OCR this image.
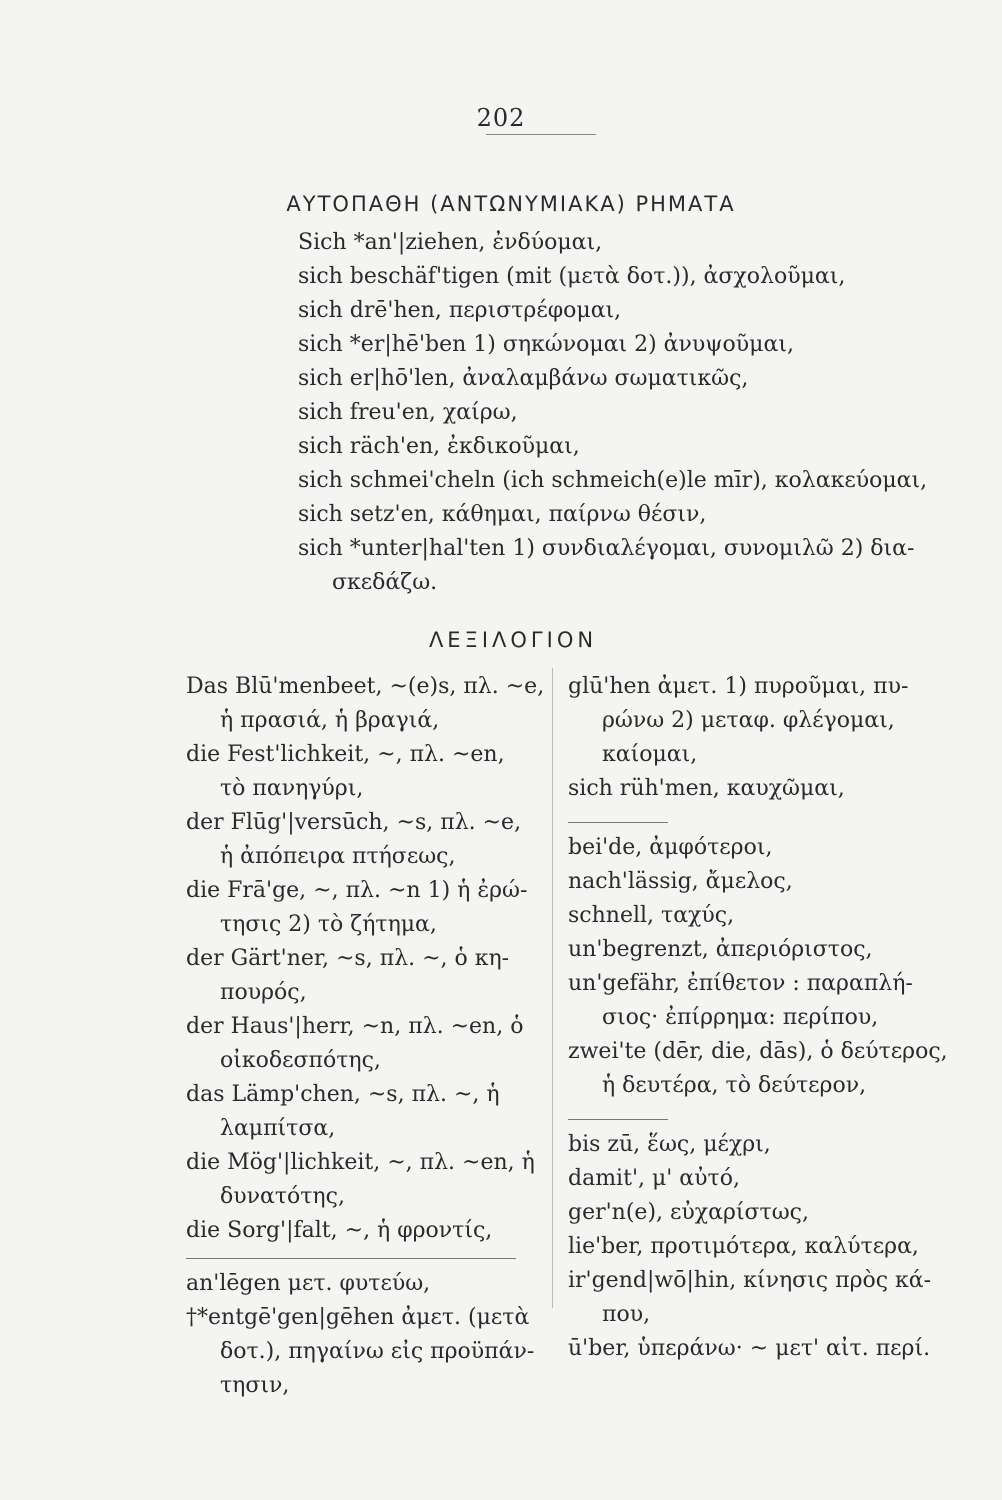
202
ΑΥΤΟΠΑΘΗ (ΑΝΤΩΝΥΜΙΑΚΑ) ΡΗΜΑΤΑ
Sich *an'|ziehen, ἐνδύομαι,
sich beschäf'tigen (mit (μετὰ δοτ.)), ἀσχολοῦμαι,
sich drē'hen, περιστρέφομαι,
sich *er|hē'ben 1) σηκώνομαι 2) ἀνυψοῦμαι,
sich er|hō'len, ἀναλαμβάνω σωματικῶς,
sich freu'en, χαίρω,
sich räch'en, ἐκδικοῦμαι,
sich schmei'cheln (ich schmeich(e)le mīr), κολακεύομαι,
sich setz'en, κάθημαι, παίρνω θέσιν,
sich *unter|hal'ten 1) συνδιαλέγομαι, συνομιλῶ 2) δια-
σκεδάζω.
ΛΕΞΙΛΟΓΙΟΝ
Das Blū'menbeet, ~(e)s, πλ. ~e,
ἡ πρασιά, ἡ βραγιά,
die Fest'lichkeit, ~, πλ. ~en,
τὸ πανηγύρι,
der Flūg'|versūch, ~s, πλ. ~e,
ἡ ἀπόπειρα πτήσεως,
die Frā'ge, ~, πλ. ~n 1) ἡ ἐρώ-
τησις 2) τὸ ζήτημα,
der Gärt'ner, ~s, πλ. ~, ὁ κη-
πουρός,
der Haus'|herr, ~n, πλ. ~en, ὁ
οἰκοδεσπότης,
das Lämp'chen, ~s, πλ. ~, ἡ
λαμπίτσα,
die Mög'|lichkeit, ~, πλ. ~en, ἡ
δυνατότης,
die Sorg'|falt, ~, ἡ φροντίς,
an'lēgen μετ. φυτεύω,
†*entgē'gen|gēhen ἀμετ. (μετὰ
δοτ.), πηγαίνω εἰς προϋπάν-
τησιν,
glū'hen ἀμετ. 1) πυροῦμαι, πυ-
ρώνω 2) μεταφ. φλέγομαι,
καίομαι,
sich rüh'men, καυχῶμαι,
bei'de, ἀμφότεροι,
nach'lässig, ἄμελος,
schnell, ταχύς,
un'begrenzt, ἀπεριόριστος,
un'gefähr, ἐπίθετον : παραπλή-
σιος· ἐπίρρημα: περίπου,
zwei'te (dēr, die, dās), ὁ δεύτερος,
ἡ δευτέρα, τὸ δεύτερον,
bis zū, ἕως, μέχρι,
damit', μ' αὐτό,
ger'n(e), εὐχαρίστως,
lie'ber, προτιμότερα, καλύτερα,
ir'gend|wō|hin, κίνησις πρὸς κά-
που,
ū'ber, ὑπεράνω· ~ μετ' αἰτ. περί.
